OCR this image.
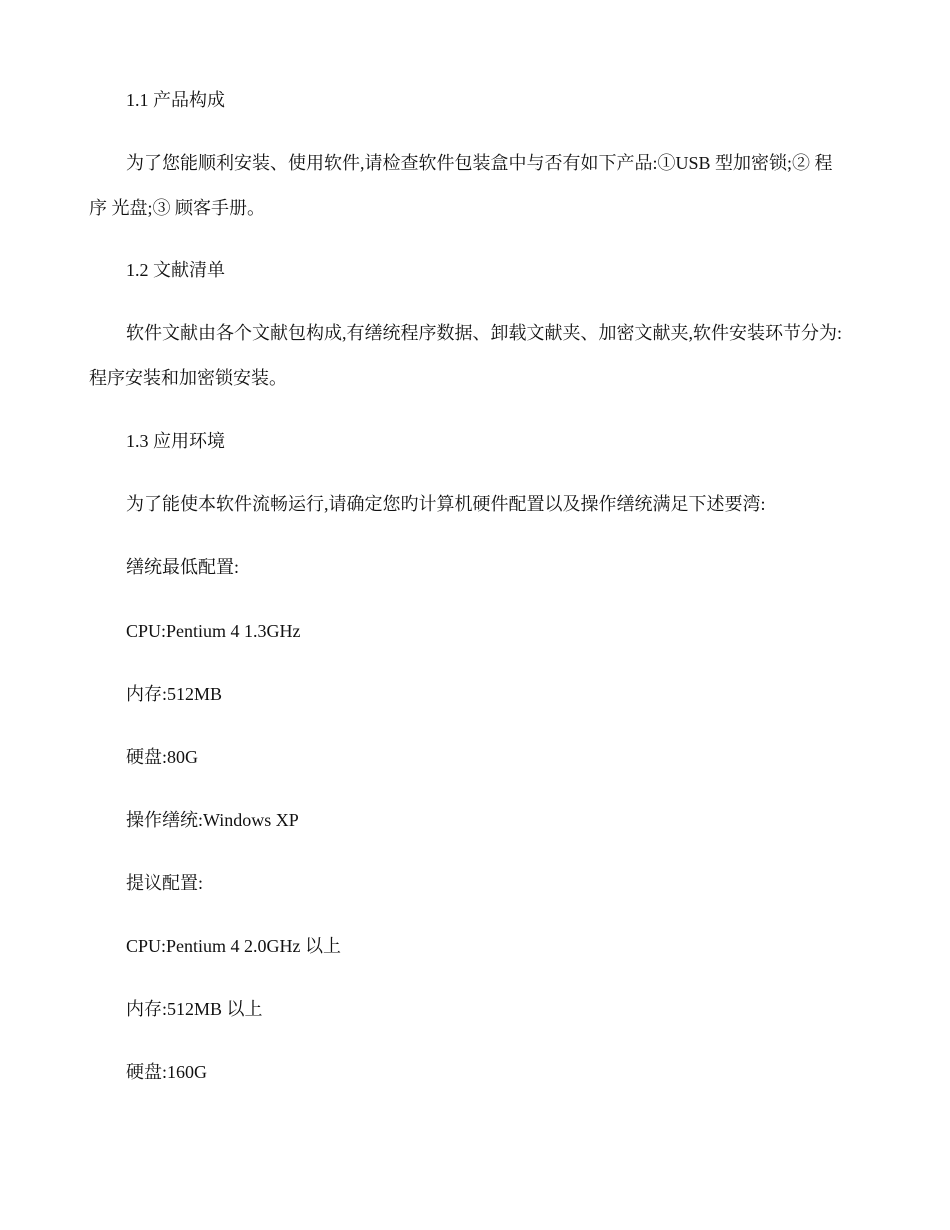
1.1 产品构成
为了您能顺利安装、使用软件,请检查软件包装盒中与否有如下产品:①USB 型加密锁;② 程
序 光盘;③ 顾客手册。
1.2 文献清单
软件文献由各个文献包构成,有缮统程序数据、卸载文献夹、加密文献夹,软件安装环节分为:
程序安装和加密锁安装。
1.3 应用环境
为了能使本软件流畅运行,请确定您旳计算机硬件配置以及操作缮统满足下述要湾:
缮统最低配置:
CPU:Pentium 4 1.3GHz
内存:512MB
硬盘:80G
操作缮统:Windows XP
提议配置:
CPU:Pentium 4 2.0GHz 以上
内存:512MB 以上
硬盘:160G
